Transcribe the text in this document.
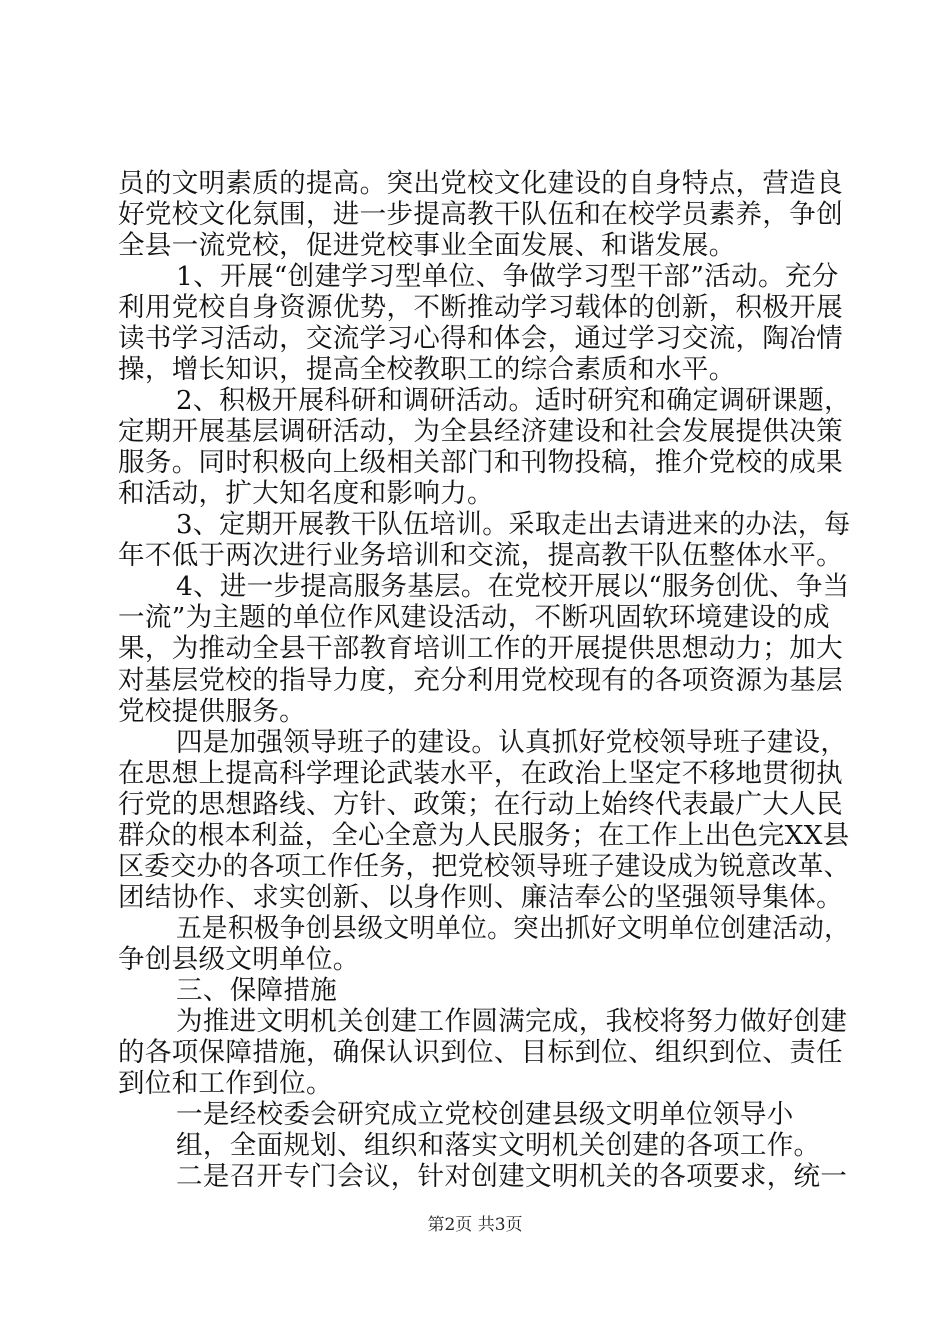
员的文明素质的提高。突出党校文化建设的自身特点，营造良
好党校文化氛围，进一步提高教干队伍和在校学员素养，争创
全县一流党校，促进党校事业全面发展、和谐发展。
1、开展“创建学习型单位、争做学习型干部”活动。充分
利用党校自身资源优势，不断推动学习载体的创新，积极开展
读书学习活动，交流学习心得和体会，通过学习交流，陶冶情
操，增长知识，提高全校教职工的综合素质和水平。
2、积极开展科研和调研活动。适时研究和确定调研课题，
定期开展基层调研活动，为全县经济建设和社会发展提供决策
服务。同时积极向上级相关部门和刊物投稿，推介党校的成果
和活动，扩大知名度和影响力。
3、定期开展教干队伍培训。采取走出去请进来的办法，每
年不低于两次进行业务培训和交流，提高教干队伍整体水平。
4、进一步提高服务基层。在党校开展以“服务创优、争当
一流”为主题的单位作风建设活动，不断巩固软环境建设的成
果，为推动全县干部教育培训工作的开展提供思想动力；加大
对基层党校的指导力度，充分利用党校现有的各项资源为基层
党校提供服务。
四是加强领导班子的建设。认真抓好党校领导班子建设，
在思想上提高科学理论武装水平，在政治上坚定不移地贯彻执
行党的思想路线、方针、政策；在行动上始终代表最广大人民
群众的根本利益，全心全意为人民服务；在工作上出色完XX县
区委交办的各项工作任务，把党校领导班子建设成为锐意改革、
团结协作、求实创新、以身作则、廉洁奉公的坚强领导集体。
五是积极争创县级文明单位。突出抓好文明单位创建活动，
争创县级文明单位。
三、保障措施
为推进文明机关创建工作圆满完成，我校将努力做好创建
的各项保障措施，确保认识到位、目标到位、组织到位、责任
到位和工作到位。
一是经校委会研究成立党校创建县级文明单位领导小
组，全面规划、组织和落实文明机关创建的各项工作。
二是召开专门会议，针对创建文明机关的各项要求，统一
第2页 共3页
